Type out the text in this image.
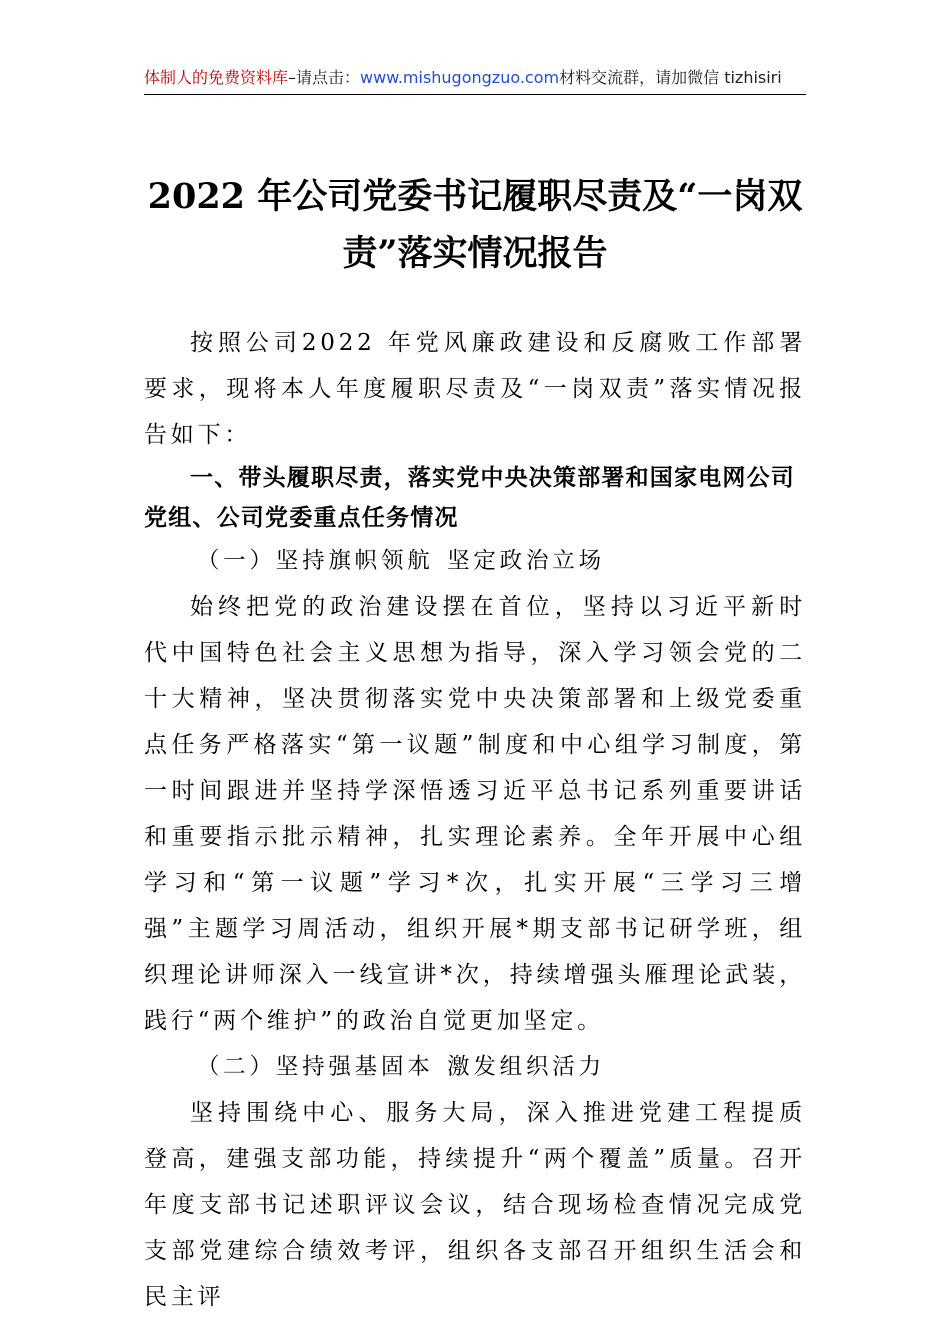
体制人的免费资料库–请点击：www.mishugongzuo.com材料交流群，请加微信 tizhisiri
2022 年公司党委书记履职尽责及“一岗双
责”落实情况报告

按照公司2022 年党风廉政建设和反腐败工作部署要求，现将本人年度履职尽责及“一岗双责”落实情况报告如下：

一、带头履职尽责，落实党中央决策部署和国家电网公司党组、公司党委重点任务情况

（一）坚持旗帜领航 坚定政治立场

始终把党的政治建设摆在首位，坚持以习近平新时代中国特色社会主义思想为指导，深入学习领会党的二十大精神，坚决贯彻落实党中央决策部署和上级党委重点任务严格落实“第一议题”制度和中心组学习制度，第一时间跟进并坚持学深悟透习近平总书记系列重要讲话和重要指示批示精神，扎实理论素养。全年开展中心组学习和“第一议题”学习*次，扎实开展“三学习三增强”主题学习周活动，组织开展*期支部书记研学班，组织理论讲师深入一线宣讲*次，持续增强头雁理论武装，践行“两个维护”的政治自觉更加坚定。

（二）坚持强基固本 激发组织活力

坚持围绕中心、服务大局，深入推进党建工程提质登高，建强支部功能，持续提升“两个覆盖”质量。召开年度支部书记述职评议会议，结合现场检查情况完成党支部党建综合绩效考评，组织各支部召开组织生活会和民主评
